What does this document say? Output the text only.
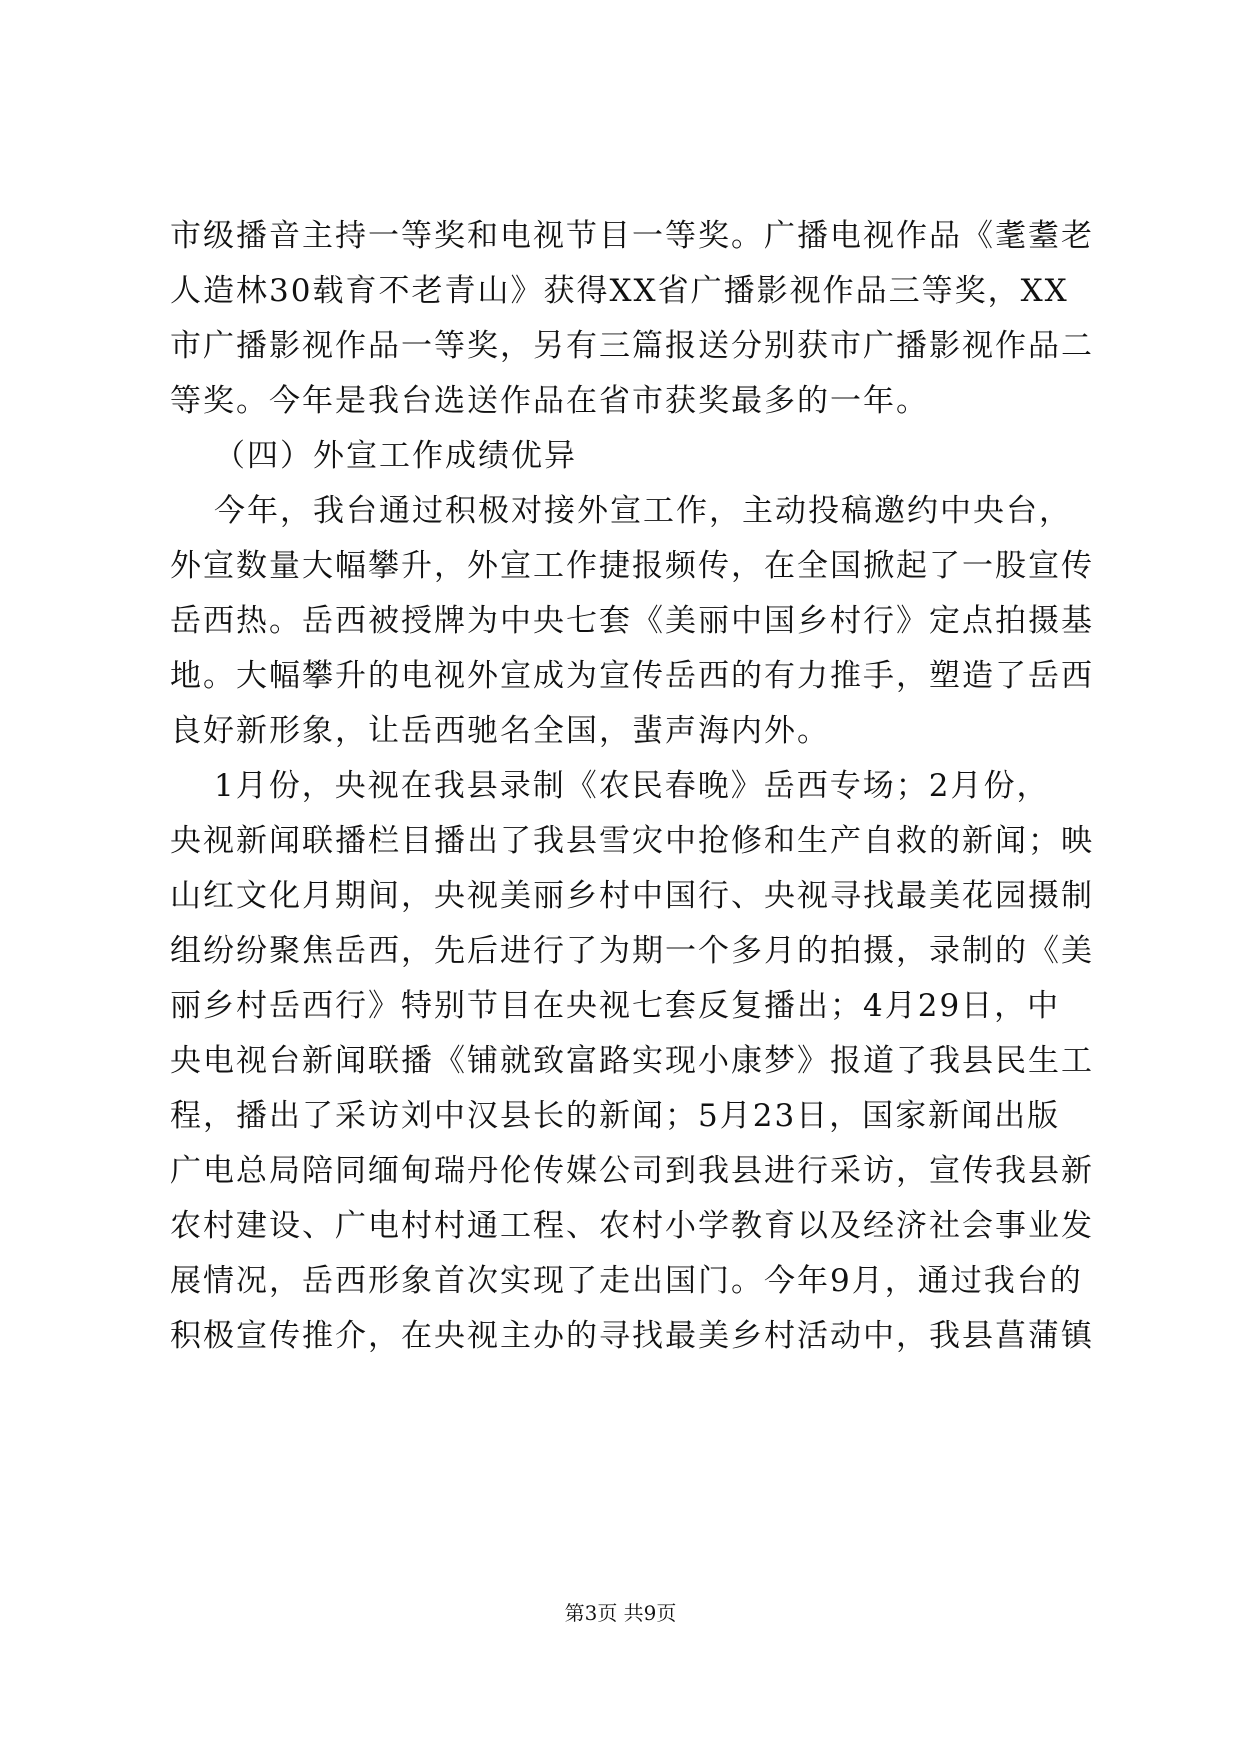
市级播音主持一等奖和电视节目一等奖。广播电视作品《耄耋老
人造林30载育不老青山》获得XX省广播影视作品三等奖，XX
市广播影视作品一等奖，另有三篇报送分别获市广播影视作品二
等奖。今年是我台选送作品在省市获奖最多的一年。
（四）外宣工作成绩优异
今年，我台通过积极对接外宣工作，主动投稿邀约中央台，
外宣数量大幅攀升，外宣工作捷报频传，在全国掀起了一股宣传
岳西热。岳西被授牌为中央七套《美丽中国乡村行》定点拍摄基
地。大幅攀升的电视外宣成为宣传岳西的有力推手，塑造了岳西
良好新形象，让岳西驰名全国，蜚声海内外。
1月份，央视在我县录制《农民春晚》岳西专场；2月份，
央视新闻联播栏目播出了我县雪灾中抢修和生产自救的新闻；映
山红文化月期间，央视美丽乡村中国行、央视寻找最美花园摄制
组纷纷聚焦岳西，先后进行了为期一个多月的拍摄，录制的《美
丽乡村岳西行》特别节目在央视七套反复播出；4月29日，中
央电视台新闻联播《铺就致富路实现小康梦》报道了我县民生工
程，播出了采访刘中汉县长的新闻；5月23日，国家新闻出版
广电总局陪同缅甸瑞丹伦传媒公司到我县进行采访，宣传我县新
农村建设、广电村村通工程、农村小学教育以及经济社会事业发
展情况，岳西形象首次实现了走出国门。今年9月，通过我台的
积极宣传推介，在央视主办的寻找最美乡村活动中，我县菖蒲镇
第3页 共9页
